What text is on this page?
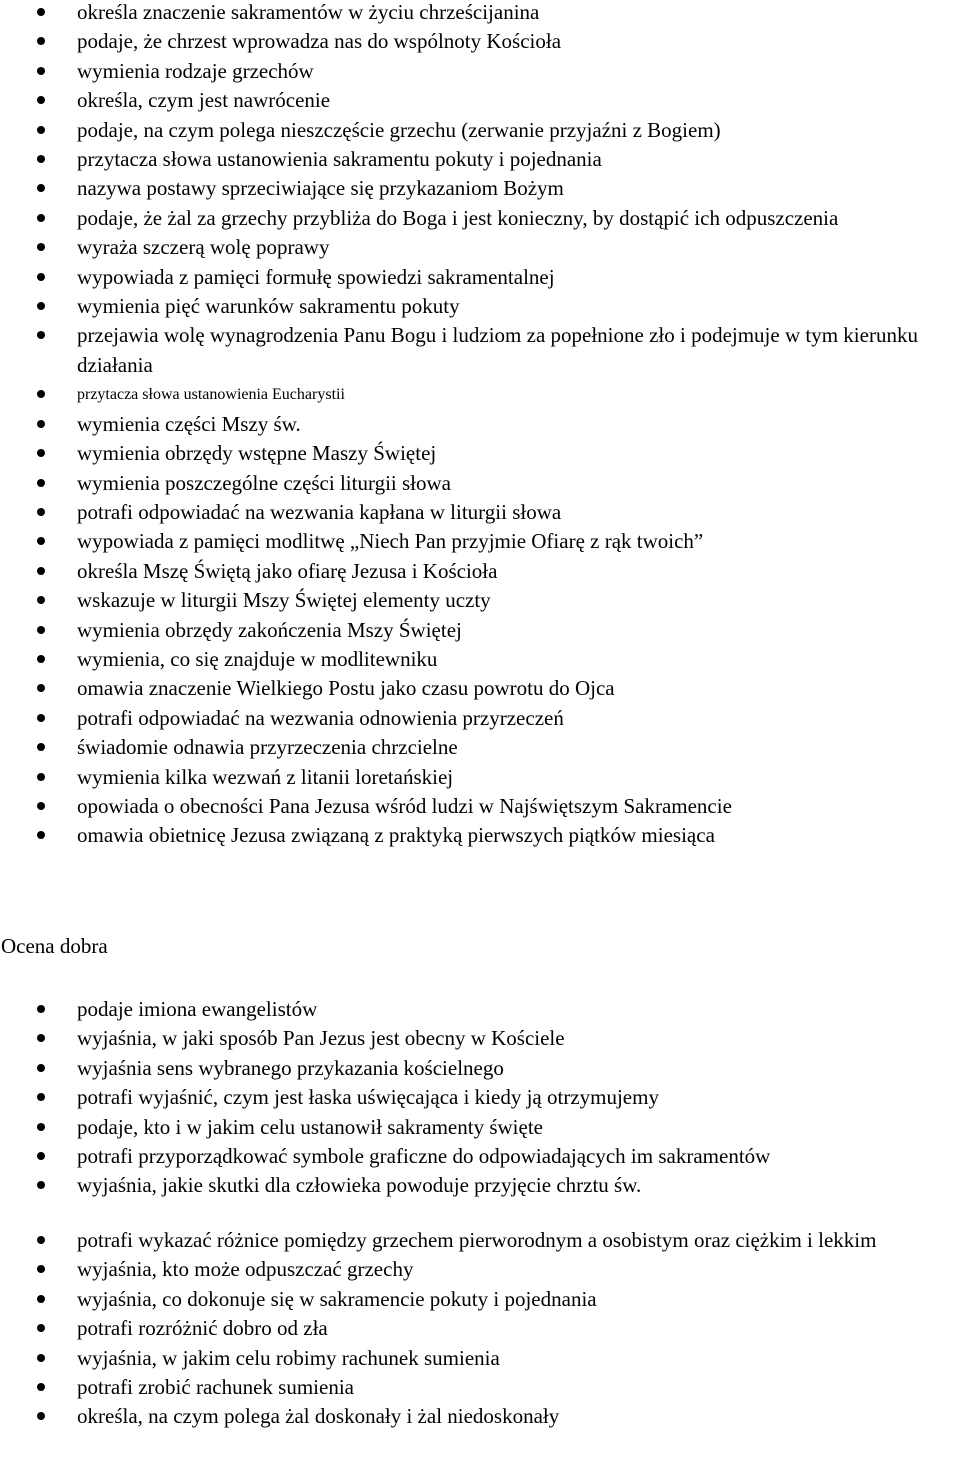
określa znaczenie sakramentów w życiu chrześcijanina
podaje, że chrzest wprowadza nas do wspólnoty Kościoła
wymienia rodzaje grzechów
określa, czym jest nawrócenie
podaje, na czym polega nieszczęście grzechu (zerwanie przyjaźni z Bogiem)
przytacza słowa ustanowienia sakramentu pokuty i pojednania
nazywa postawy sprzeciwiające się przykazaniom Bożym
podaje, że żal za grzechy przybliża do Boga i jest konieczny, by dostąpić ich odpuszczenia
wyraża szczerą wolę poprawy
wypowiada z pamięci formułę spowiedzi sakramentalnej
wymienia pięć warunków sakramentu pokuty
przejawia wolę wynagrodzenia Panu Bogu i ludziom za popełnione zło i podejmuje w tym kierunku działania
przytacza słowa ustanowienia Eucharystii
wymienia części Mszy św.
wymienia obrzędy wstępne Maszy Świętej
wymienia poszczególne części liturgii słowa
potrafi odpowiadać na wezwania kapłana w liturgii słowa
wypowiada z pamięci modlitwę „Niech Pan przyjmie Ofiarę z rąk twoich”
określa Mszę Świętą jako ofiarę Jezusa i Kościoła
wskazuje w liturgii Mszy Świętej elementy uczty
wymienia obrzędy zakończenia Mszy Świętej
wymienia, co się znajduje w modlitewniku
omawia znaczenie Wielkiego Postu jako czasu powrotu do Ojca
potrafi odpowiadać na wezwania odnowienia przyrzeczeń
świadomie odnawia przyrzeczenia chrzcielne
wymienia kilka wezwań z litanii loretańskiej
opowiada o obecności Pana Jezusa wśród ludzi w Najświętszym Sakramencie
omawia obietnicę Jezusa związaną z praktyką pierwszych piątków miesiąca
Ocena dobra
podaje imiona ewangelistów
wyjaśnia, w jaki sposób Pan Jezus jest obecny w Kościele
wyjaśnia sens wybranego przykazania kościelnego
potrafi wyjaśnić, czym jest łaska uświęcająca i kiedy ją otrzymujemy
podaje, kto i w jakim celu ustanowił sakramenty święte
potrafi przyporządkować symbole graficzne do odpowiadających im sakramentów
wyjaśnia, jakie skutki dla człowieka powoduje przyjęcie chrztu św.
potrafi wykazać różnice pomiędzy grzechem pierworodnym a osobistym oraz ciężkim i lekkim
wyjaśnia, kto może odpuszczać grzechy
wyjaśnia, co dokonuje się w sakramencie pokuty i pojednania
potrafi rozróżnić dobro od zła
wyjaśnia, w jakim celu robimy rachunek sumienia
potrafi zrobić rachunek sumienia
określa, na czym polega żal doskonały i żal niedoskonały
